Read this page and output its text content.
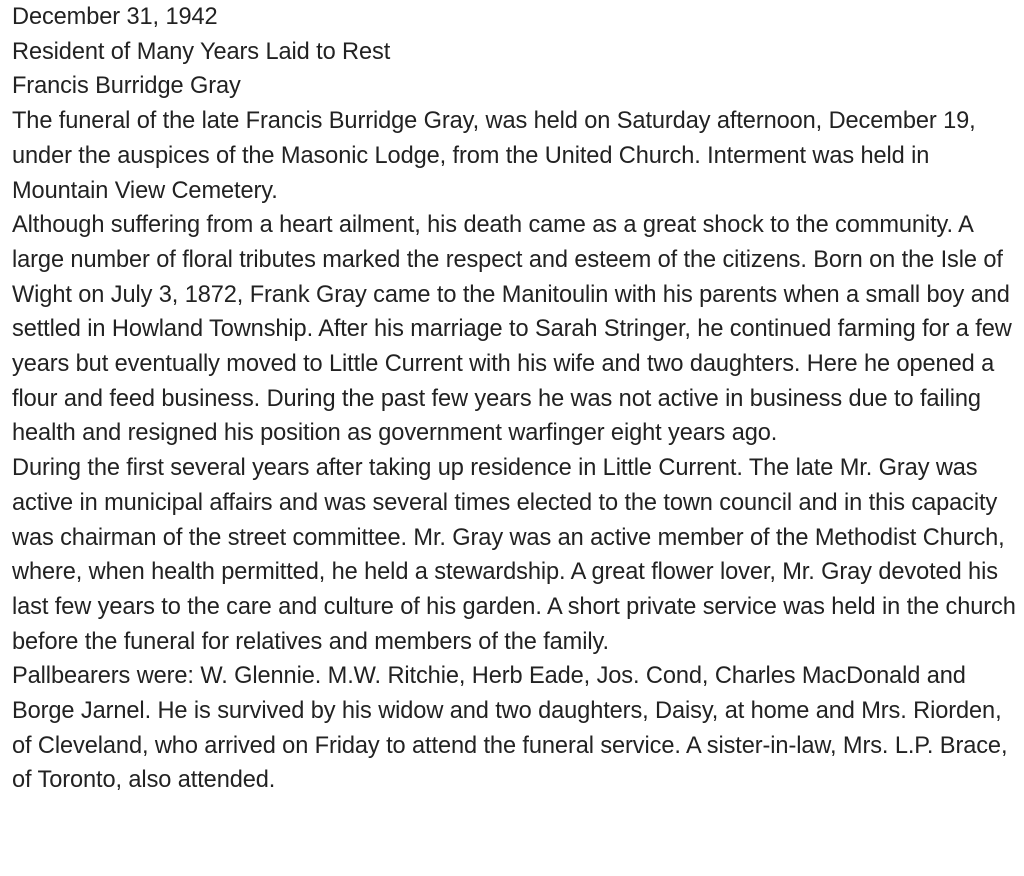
December 31, 1942

Resident of Many Years Laid to Rest

Francis Burridge Gray

The funeral of the late Francis Burridge Gray, was held on Saturday afternoon, December 19, under the auspices of the Masonic Lodge, from the United Church. Interment was held in Mountain View Cemetery.

Although suffering from a heart ailment, his death came as a great shock to the community. A large number of floral tributes marked the respect and esteem of the citizens. Born on the Isle of Wight on July 3, 1872, Frank Gray came to the Manitoulin with his parents when a small boy and settled in Howland Township. After his marriage to Sarah Stringer, he continued farming for a few years but eventually moved to Little Current with his wife and two daughters. Here he opened a flour and feed business. During the past few years he was not active in business due to failing health and resigned his position as government warfinger eight years ago.

During the first several years after taking up residence in Little Current. The late Mr. Gray was active in municipal affairs and was several times elected to the town council and in this capacity was chairman of the street committee. Mr. Gray was an active member of the Methodist Church, where, when health permitted, he held a stewardship. A great flower lover, Mr. Gray devoted his last few years to the care and culture of his garden. A short private service was held in the church before the funeral for relatives and members of the family.

Pallbearers were: W. Glennie. M.W. Ritchie, Herb Eade, Jos. Cond, Charles MacDonald and Borge Jarnel. He is survived by his widow and two daughters, Daisy, at home and Mrs. Riorden, of Cleveland, who arrived on Friday to attend the funeral service. A sister-in-law, Mrs. L.P. Brace, of Toronto, also attended.
